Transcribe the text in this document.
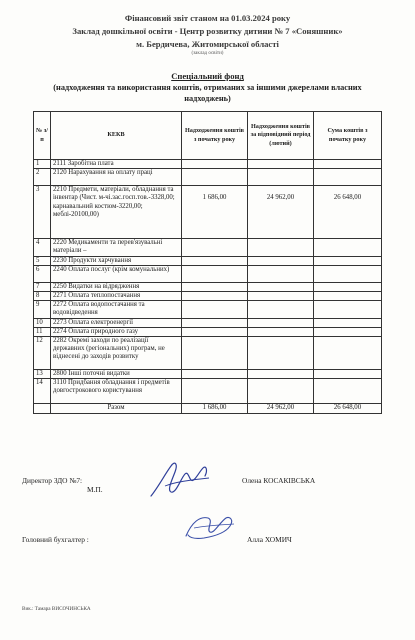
Фінансовий звіт станом на 01.03.2024 року
Заклад дошкільної освіти - Центр розвитку дитини № 7 «Соняшник»
м. Бердичева, Житомирської області
(заклад освіти)
Спеціальний фонд
(надходження та використання коштів, отриманих за іншими джерелами власних
надходжень)
№ з/п	КЕКВ	Надходження коштів з початку року	Надходження коштів за відповідний період (лютий)	Сума коштів з початку року
1	2111 Заробітна плата			
2	2120 Нарахування на оплату праці			
3	2210 Предмети, матеріали, обладнання та інвентар (Чист. м-чі.зас.госп.тов.-3328,00; карнавальний костюм-3220,00; меблі-20100,00)	1 686,00	24 962,00	26 648,00
4	2220 Медикаменти та перев'язувальні матеріали –			
5	2230 Продукти харчування			
6	2240 Оплата послуг (крім комунальних)			
7	2250 Видатки на відрядження			
8	2271 Оплата теплопостачання			
9	2272 Оплата водопостачання та водовідведення			
10	2273 Оплата електроенергії			
11	2274 Оплата природного газу			
12	2282 Окремі заходи по реалізації державних (регіональних) програм, не віднесені до заходів розвитку			
13	2800 Інші поточні видатки			
14	3110 Придбання обладнання і предметів довгострокового користування			
	Разом	1 686,00	24 962,00	26 648,00
Директор ЗДО №7:
М.П.
Олена КОСАКІВСЬКА
Головний бухгалтер :	Алла ХОМИЧ
Вик.: Тамара ВИСОЧИНСЬКА
